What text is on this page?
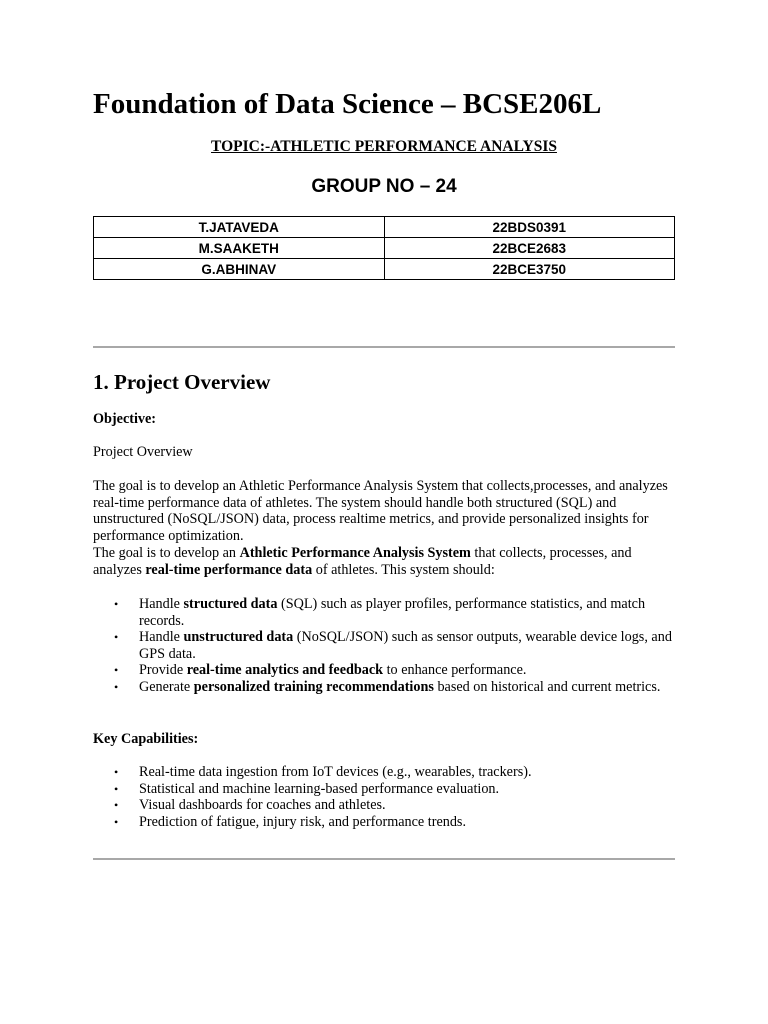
Foundation of Data Science – BCSE206L
TOPIC:-ATHLETIC PERFORMANCE ANALYSIS
GROUP NO – 24
T.JATAVEDA	22BDS0391
M.SAAKETH	22BCE2683
G.ABHINAV	22BCE3750
1. Project Overview
Objective:
Project Overview
The goal is to develop an Athletic Performance Analysis System that collects,processes, and analyzes real-time performance data of athletes. The system should handle both structured (SQL) and unstructured (NoSQL/JSON) data, process realtime metrics, and provide personalized insights for performance optimization.
The goal is to develop an Athletic Performance Analysis System that collects, processes, and analyzes real-time performance data of athletes. This system should:
• Handle structured data (SQL) such as player profiles, performance statistics, and match records.
• Handle unstructured data (NoSQL/JSON) such as sensor outputs, wearable device logs, and GPS data.
• Provide real-time analytics and feedback to enhance performance.
• Generate personalized training recommendations based on historical and current metrics.
Key Capabilities:
• Real-time data ingestion from IoT devices (e.g., wearables, trackers).
• Statistical and machine learning-based performance evaluation.
• Visual dashboards for coaches and athletes.
• Prediction of fatigue, injury risk, and performance trends.
